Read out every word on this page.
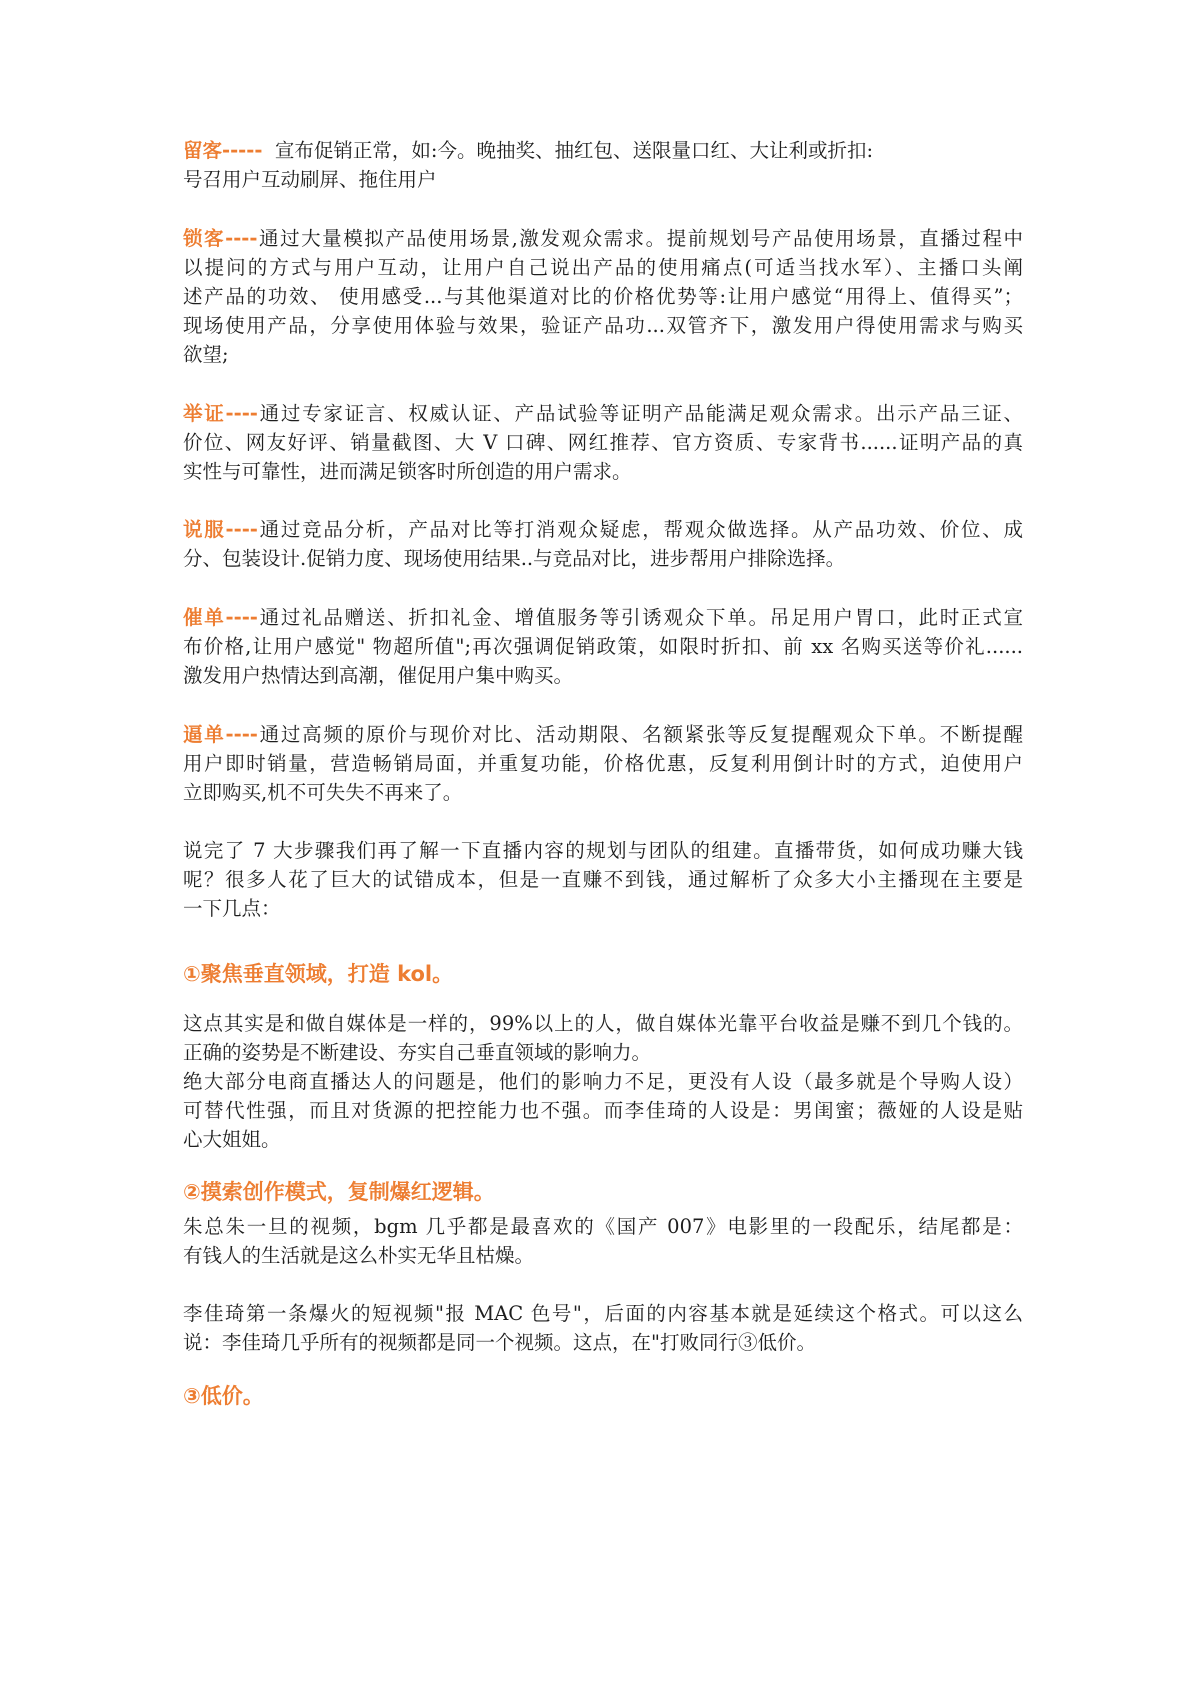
留客----- 宣布促销正常，如:今。晚抽奖、抽红包、送限量口红、大让利或折扣:
号召用户互动刷屏、拖住用户
锁客----通过大量模拟产品使用场景,激发观众需求。提前规划号产品使用场景，直播过程中
以提问的方式与用户互动，让用户自己说出产品的使用痛点(可适当找水军）、主播口头阐
述产品的功效、 使用感受...与其他渠道对比的价格优势等:让用户感觉“用得上、值得买”；
现场使用产品，分享使用体验与效果，验证产品功...双管齐下，激发用户得使用需求与购买
欲望;
举证----通过专家证言、权威认证、产品试验等证明产品能满足观众需求。出示产品三证、
价位、网友好评、销量截图、大 V 口碑、网红推荐、官方资质、专家背书......证明产品的真
实性与可靠性，进而满足锁客时所创造的用户需求。
说服----通过竞品分析，产品对比等打消观众疑虑，帮观众做选择。从产品功效、价位、成
分、包装设计.促销力度、现场使用结果..与竞品对比，进步帮用户排除选择。
催单----通过礼品赠送、折扣礼金、增值服务等引诱观众下单。吊足用户胃口，此时正式宣
布价格,让用户感觉" 物超所值";再次强调促销政策，如限时折扣、前 xx 名购买送等价礼......
激发用户热情达到高潮，催促用户集中购买。
逼单----通过高频的原价与现价对比、活动期限、名额紧张等反复提醒观众下单。不断提醒
用户即时销量，营造畅销局面，并重复功能，价格优惠，反复利用倒计时的方式，迫使用户
立即购买,机不可失失不再来了。
说完了 7 大步骤我们再了解一下直播内容的规划与团队的组建。直播带货，如何成功赚大钱
呢？很多人花了巨大的试错成本，但是一直赚不到钱，通过解析了众多大小主播现在主要是
一下几点：
①聚焦垂直领域，打造 kol。
这点其实是和做自媒体是一样的，99%以上的人，做自媒体光靠平台收益是赚不到几个钱的。
正确的姿势是不断建设、夯实自己垂直领域的影响力。
绝大部分电商直播达人的问题是，他们的影响力不足，更没有人设（最多就是个导购人设）
可替代性强，而且对货源的把控能力也不强。而李佳琦的人设是：男闺蜜；薇娅的人设是贴
心大姐姐。
②摸索创作模式，复制爆红逻辑。
朱总朱一旦的视频，bgm 几乎都是最喜欢的《国产 007》电影里的一段配乐，结尾都是：
有钱人的生活就是这么朴实无华且枯燥。
李佳琦第一条爆火的短视频"报 MAC 色号"，后面的内容基本就是延续这个格式。可以这么
说：李佳琦几乎所有的视频都是同一个视频。这点，在"打败同行③低价。
③低价。
